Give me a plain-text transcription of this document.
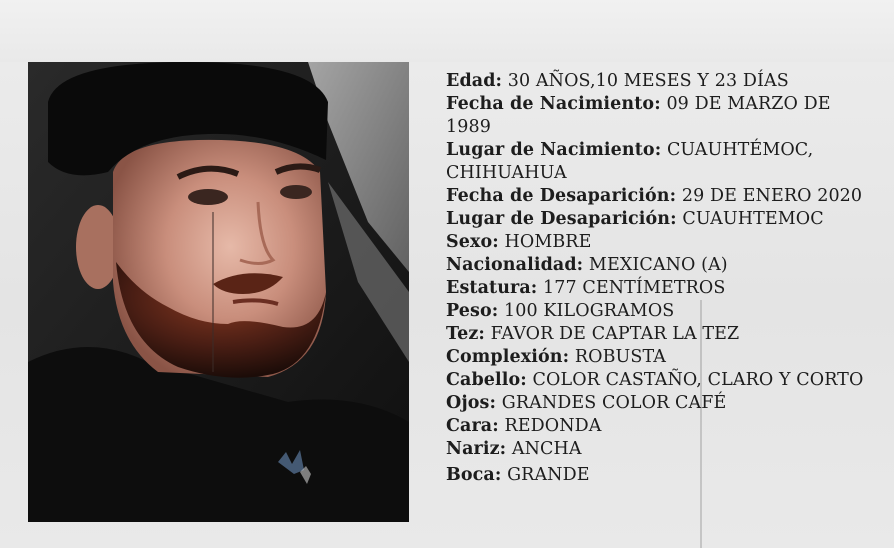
Edad: 30 AÑOS,10 MESES Y 23 DÍAS

Fecha de Nacimiento: 09 DE MARZO DE 1989

Lugar de Nacimiento: CUAUHTÉMOC, CHIHUAHUA

Fecha de Desaparición: 29 DE ENERO 2020

Lugar de Desaparición: CUAUHTEMOC

Sexo: HOMBRE

Nacionalidad: MEXICANO (A)

Estatura: 177 CENTÍMETROS

Peso: 100 KILOGRAMOS

Tez: FAVOR DE CAPTAR LA TEZ

Complexión: ROBUSTA

Cabello: COLOR CASTAÑO, CLARO Y CORTO

Ojos: GRANDES COLOR CAFÉ

Cara: REDONDA

Nariz: ANCHA

Boca: GRANDE
